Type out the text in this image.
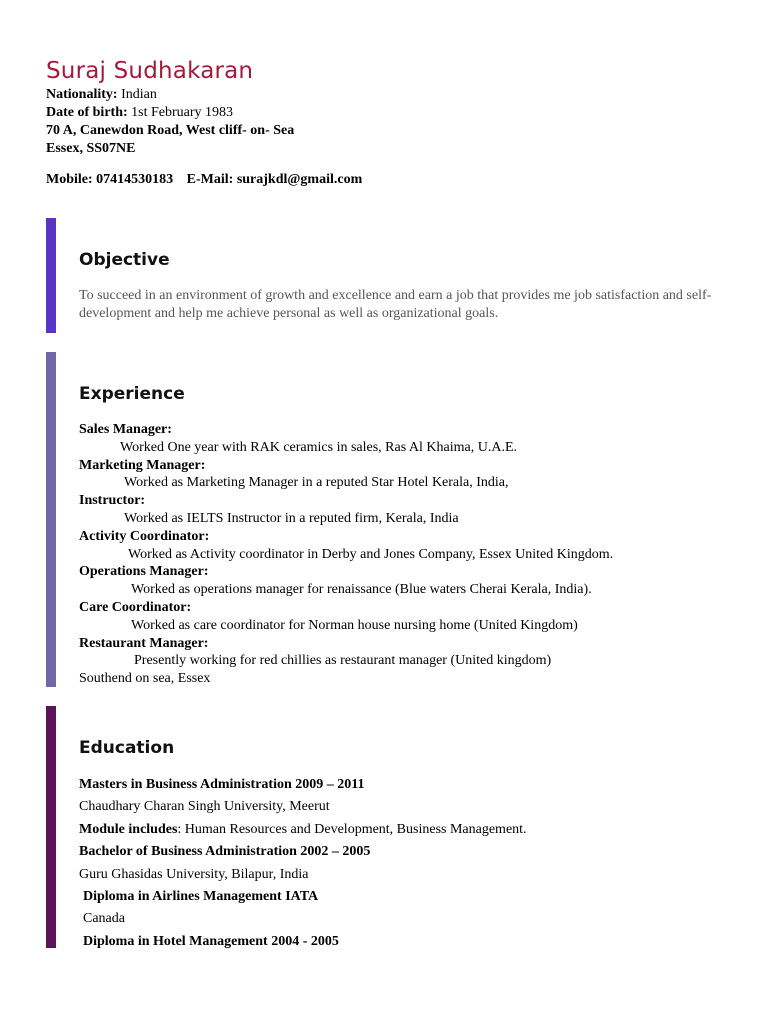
Suraj Sudhakaran
Nationality: Indian
Date of birth: 1st February 1983
70 A, Canewdon Road, West cliff- on- Sea
Essex, SS07NE
Mobile: 07414530183 E-Mail: surajkdl@gmail.com
Objective
To succeed in an environment of growth and excellence and earn a job that provides me job satisfaction and self-development and help me achieve personal as well as organizational goals.
Experience
Sales Manager:
Worked One year with RAK ceramics in sales, Ras Al Khaima, U.A.E.
Marketing Manager:
Worked as Marketing Manager in a reputed Star Hotel Kerala, India,
Instructor:
Worked as IELTS Instructor in a reputed firm, Kerala, India
Activity Coordinator:
Worked as Activity coordinator in Derby and Jones Company, Essex United Kingdom.
Operations Manager:
Worked as operations manager for renaissance (Blue waters Cherai Kerala, India).
Care Coordinator:
Worked as care coordinator for Norman house nursing home (United Kingdom)
Restaurant Manager:
Presently working for red chillies as restaurant manager (United kingdom)
Southend on sea, Essex
Education
Masters in Business Administration 2009 – 2011
Chaudhary Charan Singh University, Meerut
Module includes: Human Resources and Development, Business Management.
Bachelor of Business Administration 2002 – 2005
Guru Ghasidas University, Bilapur, India
Diploma in Airlines Management IATA
Canada
Diploma in Hotel Management 2004 - 2005
